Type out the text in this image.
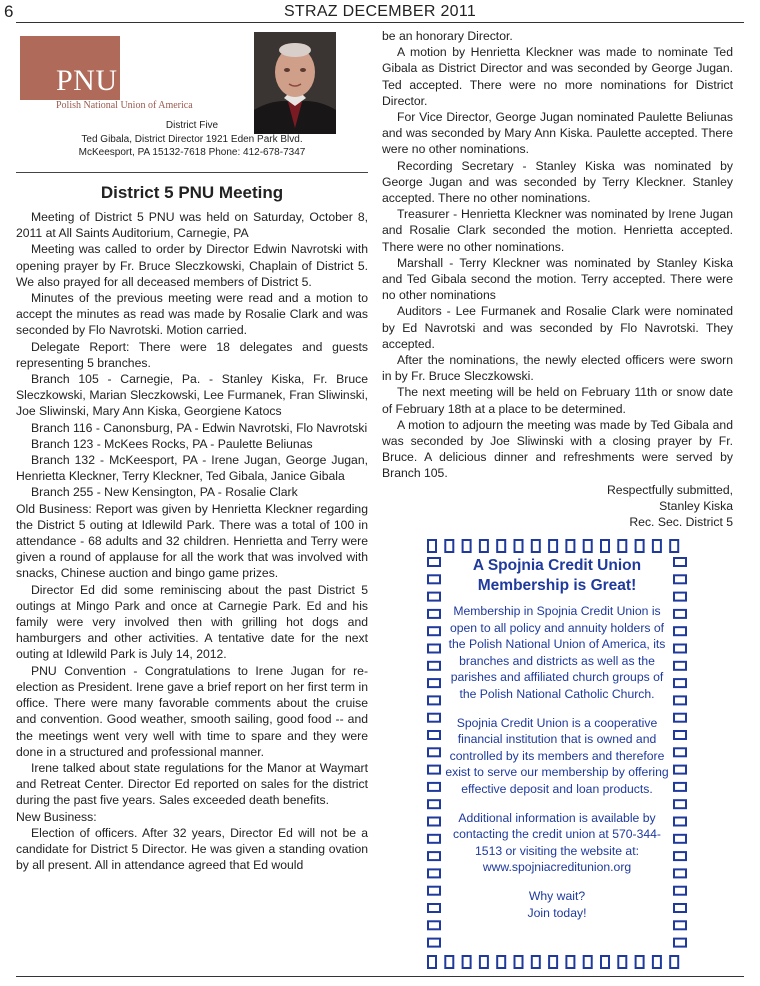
6	STRAZ DECEMBER 2011
PNU
Polish National Union of America
District Five
Ted Gibala, District Director 1921 Eden Park Blvd.
McKeesport, PA 15132-7618 Phone: 412-678-7347
District 5 PNU Meeting

Meeting of District 5 PNU was held on Saturday, October 8, 2011 at All Saints Auditorium, Carnegie, PA

Meeting was called to order by Director Edwin Navrotski with opening prayer by Fr. Bruce Sleczkowski, Chaplain of District 5. We also prayed for all deceased members of District 5.

Minutes of the previous meeting were read and a motion to accept the minutes as read was made by Rosalie Clark and was seconded by Flo Navrotski. Motion carried.

Delegate Report: There were 18 delegates and guests representing 5 branches.

Branch 105 - Carnegie, Pa. - Stanley Kiska, Fr. Bruce Sleczkowski, Marian Sleczkowski, Lee Furmanek, Fran Sliwinski, Joe Sliwinski, Mary Ann Kiska, Georgiene Katocs

Branch 116 - Canonsburg, PA - Edwin Navrotski, Flo Navrotski

Branch 123 - McKees Rocks, PA - Paulette Beliunas

Branch 132 - McKeesport, PA - Irene Jugan, George Jugan, Henrietta Kleckner, Terry Kleckner, Ted Gibala, Janice Gibala

Branch 255 - New Kensington, PA - Rosalie Clark

Old Business: Report was given by Henrietta Kleckner regarding the District 5 outing at Idlewild Park. There was a total of 100 in attendance - 68 adults and 32 children. Henrietta and Terry were given a round of applause for all the work that was involved with snacks, Chinese auction and bingo game prizes.

Director Ed did some reminiscing about the past District 5 outings at Mingo Park and once at Carnegie Park. Ed and his family were very involved then with grilling hot dogs and hamburgers and other activities. A tentative date for the next outing at Idlewild Park is July 14, 2012.

PNU Convention - Congratulations to Irene Jugan for re-election as President. Irene gave a brief report on her first term in office. There were many favorable comments about the cruise and convention. Good weather, smooth sailing, good food -- and the meetings went very well with time to spare and they were done in a structured and professional manner.

Irene talked about state regulations for the Manor at Waymart and Retreat Center. Director Ed reported on sales for the district during the past five years. Sales exceeded death benefits.

New Business:

Election of officers. After 32 years, Director Ed will not be a candidate for District 5 Director. He was given a standing ovation by all present. All in attendance agreed that Ed would

be an honorary Director.

A motion by Henrietta Kleckner was made to nominate Ted Gibala as District Director and was seconded by George Jugan. Ted accepted. There were no more nominations for District Director.

For Vice Director, George Jugan nominated Paulette Beliunas and was seconded by Mary Ann Kiska. Paulette accepted. There were no other nominations.

Recording Secretary - Stanley Kiska was nominated by George Jugan and was seconded by Terry Kleckner. Stanley accepted. There no other nominations.

Treasurer - Henrietta Kleckner was nominated by Irene Jugan and Rosalie Clark seconded the motion. Henrietta accepted. There were no other nominations.

Marshall - Terry Kleckner was nominated by Stanley Kiska and Ted Gibala second the motion. Terry accepted. There were no other nominations

Auditors - Lee Furmanek and Rosalie Clark were nominated by Ed Navrotski and was seconded by Flo Navrotski. They accepted.

After the nominations, the newly elected officers were sworn in by Fr. Bruce Sleczkowski.

The next meeting will be held on February 11th or snow date of February 18th at a place to be determined.

A motion to adjourn the meeting was made by Ted Gibala and was seconded by Joe Sliwinski with a closing prayer by Fr. Bruce. A delicious dinner and refreshments were served by Branch 105.

Respectfully submitted,

Stanley Kiska

Rec. Sec. District 5

A Spojnia Credit Union
Membership is Great!

Membership in Spojnia Credit Union is open to all policy and annuity holders of the Polish National Union of America, its branches and districts as well as the parishes and affiliated church groups of the Polish National Catholic Church.

Spojnia Credit Union is a cooperative financial institution that is owned and controlled by its members and therefore exist to serve our membership by offering effective deposit and loan products.

Additional information is available by contacting the credit union at 570-344-1513 or visiting the website at: www.spojniacreditunion.org

Why wait?
Join today!
